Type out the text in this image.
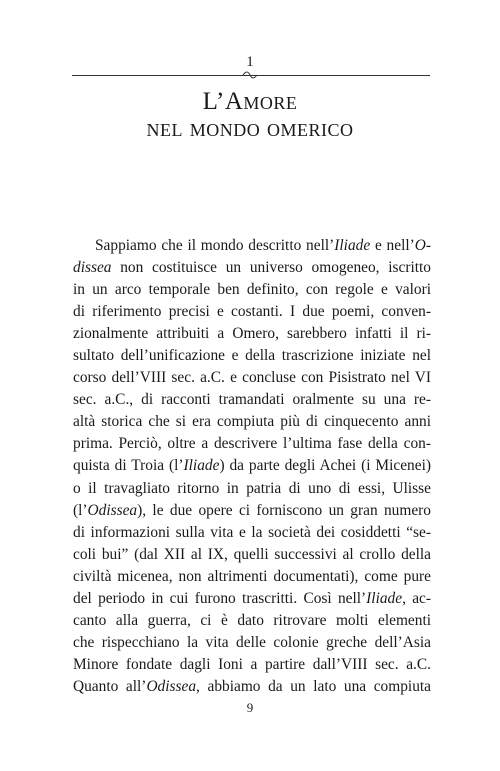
1
L’Amore
nel mondo omerico
Sappiamo che il mondo descritto nell’Iliade e nell’O-
dissea non costituisce un universo omogeneo, iscritto
in un arco temporale ben definito, con regole e valori
di riferimento precisi e costanti. I due poemi, conven-
zionalmente attribuiti a Omero, sarebbero infatti il ri-
sultato dell’unificazione e della trascrizione iniziate nel
corso dell’VIII sec. a.C. e concluse con Pisistrato nel VI
sec. a.C., di racconti tramandati oralmente su una re-
altà storica che si era compiuta più di cinquecento anni
prima. Perciò, oltre a descrivere l’ultima fase della con-
quista di Troia (l’Iliade) da parte degli Achei (i Micenei)
o il travagliato ritorno in patria di uno di essi, Ulisse
(l’Odissea), le due opere ci forniscono un gran numero
di informazioni sulla vita e la società dei cosiddetti “se-
coli bui” (dal XII al IX, quelli successivi al crollo della
civiltà micenea, non altrimenti documentati), come pure
del periodo in cui furono trascritti. Così nell’Iliade, ac-
canto alla guerra, ci è dato ritrovare molti elementi
che rispecchiano la vita delle colonie greche dell’Asia
Minore fondate dagli Ioni a partire dall’VIII sec. a.C.
Quanto all’Odissea, abbiamo da un lato una compiuta
9
